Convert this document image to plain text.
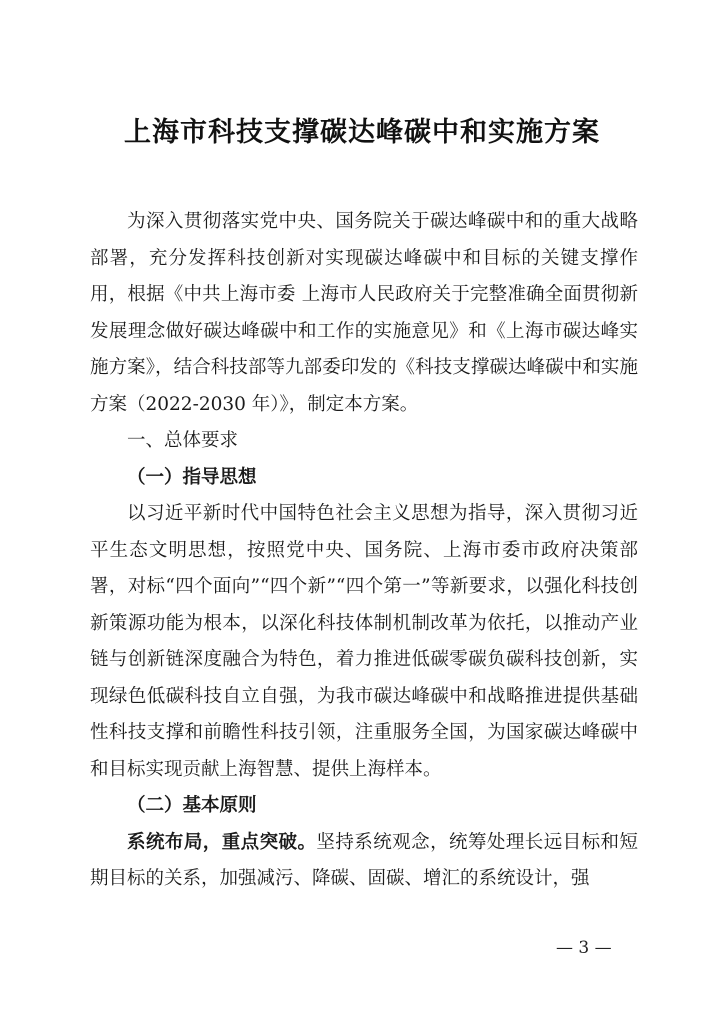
上海市科技支撑碳达峰碳中和实施方案

为深入贯彻落实党中央、国务院关于碳达峰碳中和的重大战略部署，充分发挥科技创新对实现碳达峰碳中和目标的关键支撑作用，根据《中共上海市委 上海市人民政府关于完整准确全面贯彻新发展理念做好碳达峰碳中和工作的实施意见》和《上海市碳达峰实施方案》，结合科技部等九部委印发的《科技支撑碳达峰碳中和实施方案（2022-2030 年）》，制定本方案。

一、总体要求

（一）指导思想

以习近平新时代中国特色社会主义思想为指导，深入贯彻习近平生态文明思想，按照党中央、国务院、上海市委市政府决策部署，对标“四个面向”“四个新”“四个第一”等新要求，以强化科技创新策源功能为根本，以深化科技体制机制改革为依托，以推动产业链与创新链深度融合为特色，着力推进低碳零碳负碳科技创新，实现绿色低碳科技自立自强，为我市碳达峰碳中和战略推进提供基础性科技支撑和前瞻性科技引领，注重服务全国，为国家碳达峰碳中和目标实现贡献上海智慧、提供上海样本。

（二）基本原则

系统布局，重点突破。坚持系统观念，统筹处理长远目标和短期目标的关系，加强减污、降碳、固碳、增汇的系统设计，强

— 3 —
